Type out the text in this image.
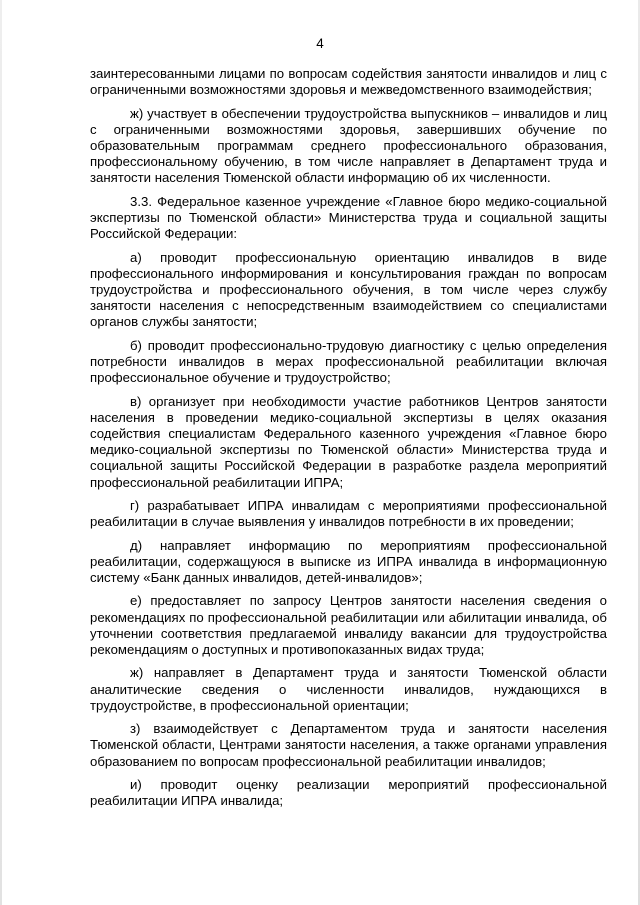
4

заинтересованными лицами по вопросам содействия занятости инвалидов и лиц с ограниченными возможностями здоровья и межведомственного взаимодействия;

ж) участвует в обеспечении трудоустройства выпускников – инвалидов и лиц с ограниченными возможностями здоровья, завершивших обучение по образовательным программам среднего профессионального образования, профессиональному обучению, в том числе направляет в Департамент труда и занятости населения Тюменской области информацию об их численности.

3.3. Федеральное казенное учреждение «Главное бюро медико-социальной экспертизы по Тюменской области» Министерства труда и социальной защиты Российской Федерации:

а) проводит профессиональную ориентацию инвалидов в виде профессионального информирования и консультирования граждан по вопросам трудоустройства и профессионального обучения, в том числе через службу занятости населения с непосредственным взаимодействием со специалистами органов службы занятости;

б) проводит профессионально-трудовую диагностику с целью определения потребности инвалидов в мерах профессиональной реабилитации включая профессиональное обучение и трудоустройство;

в) организует при необходимости участие работников Центров занятости населения в проведении медико-социальной экспертизы в целях оказания содействия специалистам Федерального казенного учреждения «Главное бюро медико-социальной экспертизы по Тюменской области» Министерства труда и социальной защиты Российской Федерации в разработке раздела мероприятий профессиональной реабилитации ИПРА;

г) разрабатывает ИПРА инвалидам с мероприятиями профессиональной реабилитации в случае выявления у инвалидов потребности в их проведении;

д) направляет информацию по мероприятиям профессиональной реабилитации, содержащуюся в выписке из ИПРА инвалида в информационную систему «Банк данных инвалидов, детей-инвалидов»;

е) предоставляет по запросу Центров занятости населения сведения о рекомендациях по профессиональной реабилитации или абилитации инвалида, об уточнении соответствия предлагаемой инвалиду вакансии для трудоустройства рекомендациям о доступных и противопоказанных видах труда;

ж) направляет в Департамент труда и занятости Тюменской области аналитические сведения о численности инвалидов, нуждающихся в трудоустройстве, в профессиональной ориентации;

з) взаимодействует с Департаментом труда и занятости населения Тюменской области, Центрами занятости населения, а также органами управления образованием по вопросам профессиональной реабилитации инвалидов;

и) проводит оценку реализации мероприятий профессиональной реабилитации ИПРА инвалида;
